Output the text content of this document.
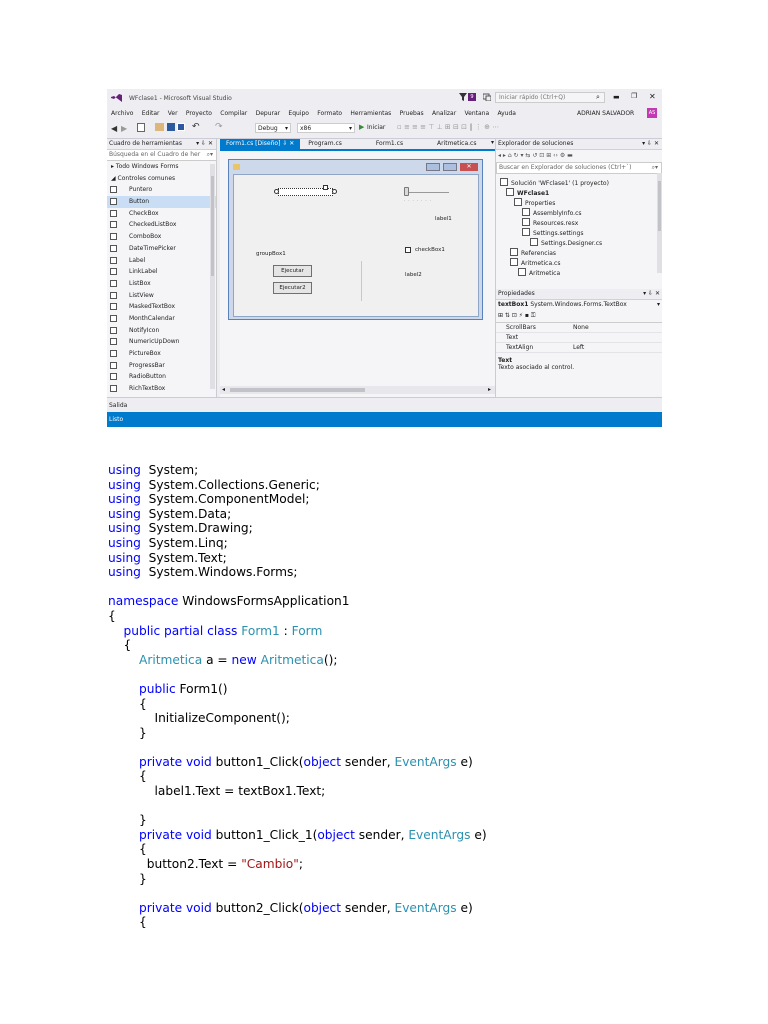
WFclase1 - Microsoft Visual Studio	9	Iniciar rápido (Ctrl+Q)	⌕ ▬ ❐ ✕
Archivo Editar Ver Proyecto Compilar Depurar Equipo Formato Herramientas Pruebas Analizar Ventana Ayuda	ADRIAN SALVADOR	AS
◀ ▶	↶ ↷	Debug ▾	x86	▾ ▶ Iniciar ▫ ≡ ≡ ≡ ⊤ ⊥ ⊞ ⊟ ⊡ ‖ ⋮ ⊕ ⋯
Cuadro de herramientas ▾ ⇩ ✕
Búsqueda en el Cuadro de her ⌕▾
▸ Todo Windows Forms
◢ Controles comunes
Puntero
Button
CheckBox
CheckedListBox
ComboBox
DateTimePicker
Label
LinkLabel
ListBox
ListView
MaskedTextBox
MonthCalendar
NotifyIcon
NumericUpDown
PictureBox
ProgressBar
RadioButton
RichTextBox
Form1.cs [Diseño] ⇩ ✕ Program.cs	Form1.cs	Aritmetica.cs ▾
✕
·······
label1
checkBox1
groupBox1
label2
Ejecutar
Ejecutar2
◂	▸
Explorador de soluciones	▾ ⇩ ✕
◂ ▸ ⌂ ↻ ▾ ⇆ ↺ ⊡ ⊞ ‹› ⚙ ▬
Buscar en Explorador de soluciones (Ctrl+`)	⌕▾
Solución 'WFclase1' (1 proyecto)
WFclase1
Properties
AssemblyInfo.cs
Resources.resx
Settings.settings
Settings.Designer.cs
Referencias
Aritmetica.cs
Aritmetica
Propiedades	▾ ⇩ ✕
textBox1 System.Windows.Forms.TextBox	▾
⊞ ⇅ ⊡ ⚡ ▪ ⚿
ScrollBars	None
Text
TextAlign	Left
Text
Texto asociado al control.
Salida
Listo
using  System;
using  System.Collections.Generic;
using  System.ComponentModel;
using  System.Data;
using  System.Drawing;
using  System.Linq;
using  System.Text;
using  System.Windows.Forms;
namespace WindowsFormsApplication1
{
public partial class Form1 : Form
{
Aritmetica a = new Aritmetica();
public Form1()
{
InitializeComponent();
}
private void button1_Click(object sender, EventArgs e)
{
label1.Text = textBox1.Text;
}
private void button1_Click_1(object sender, EventArgs e)
{
button2.Text = "Cambio";
}
private void button2_Click(object sender, EventArgs e)
{
